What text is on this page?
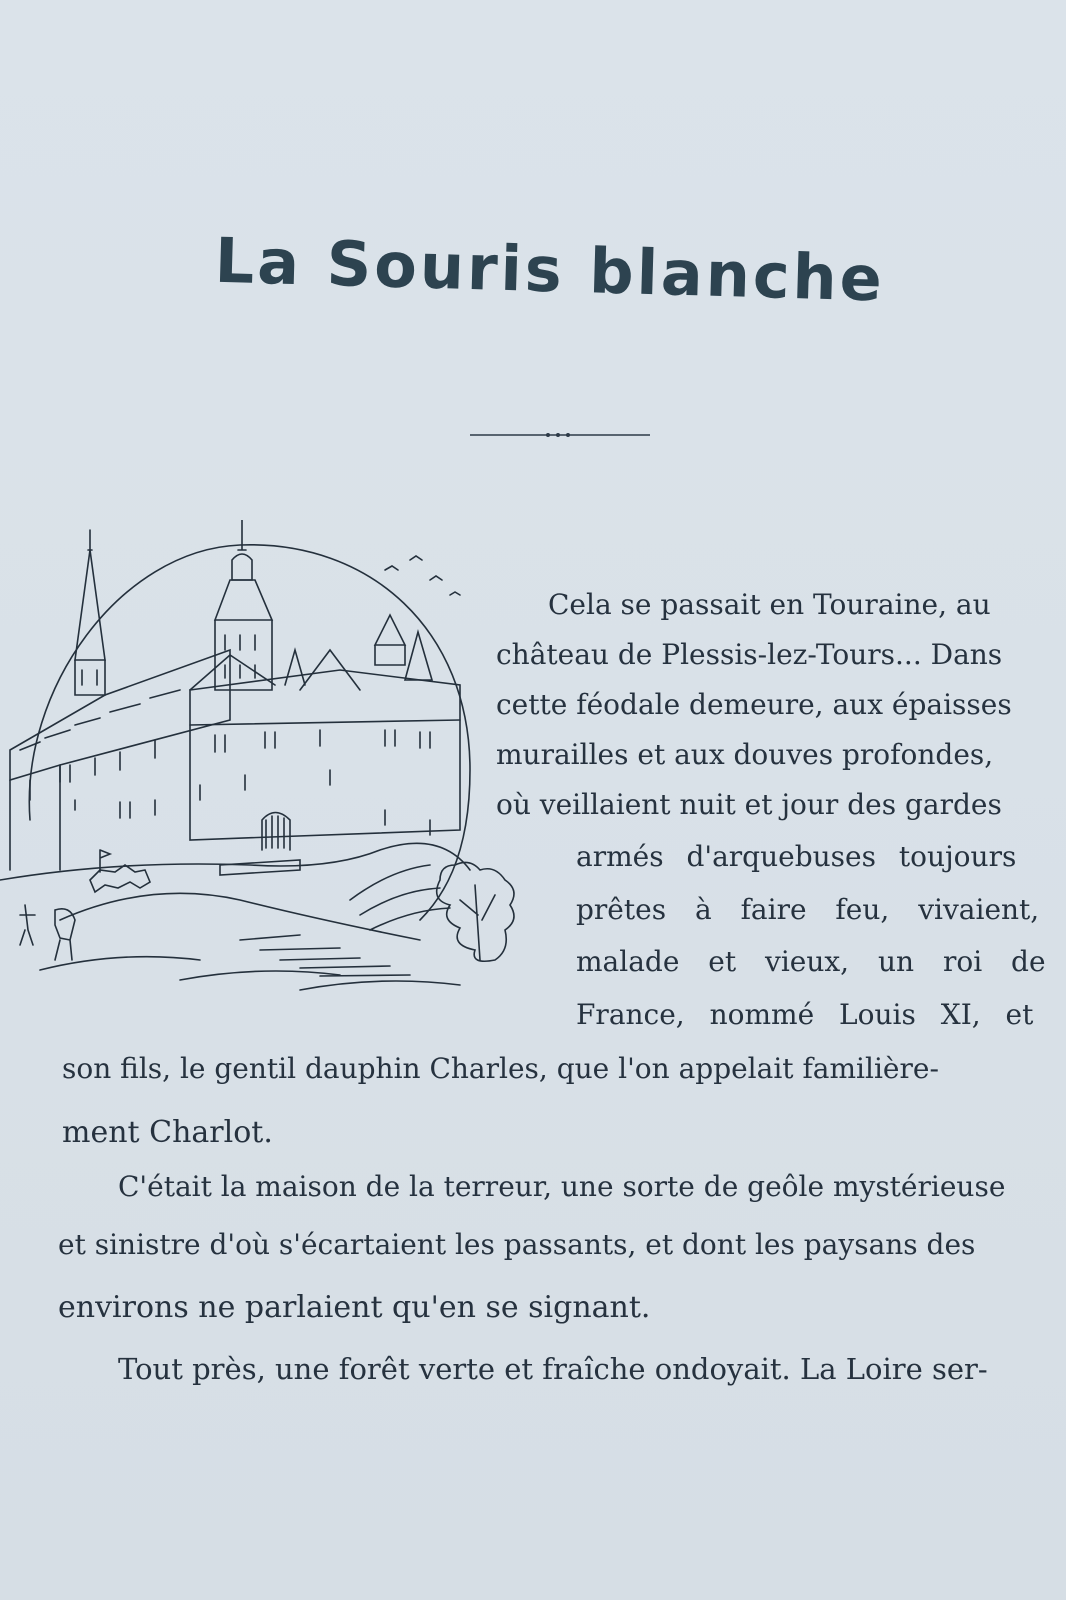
La Souris blanche
Cela se passait en Touraine, au
château de Plessis-lez-Tours... Dans
cette féodale demeure, aux épaisses
murailles et aux douves profondes,
où veillaient nuit et jour des gardes
armés d'arquebuses toujours
prêtes à faire feu, vivaient,
malade et vieux, un roi de
France, nommé Louis XI, et
son fils, le gentil dauphin Charles, que l'on appelait familière-
ment Charlot.
C'était la maison de la terreur, une sorte de geôle mystérieuse
et sinistre d'où s'écartaient les passants, et dont les paysans des
environs ne parlaient qu'en se signant.
Tout près, une forêt verte et fraîche ondoyait. La Loire ser-
